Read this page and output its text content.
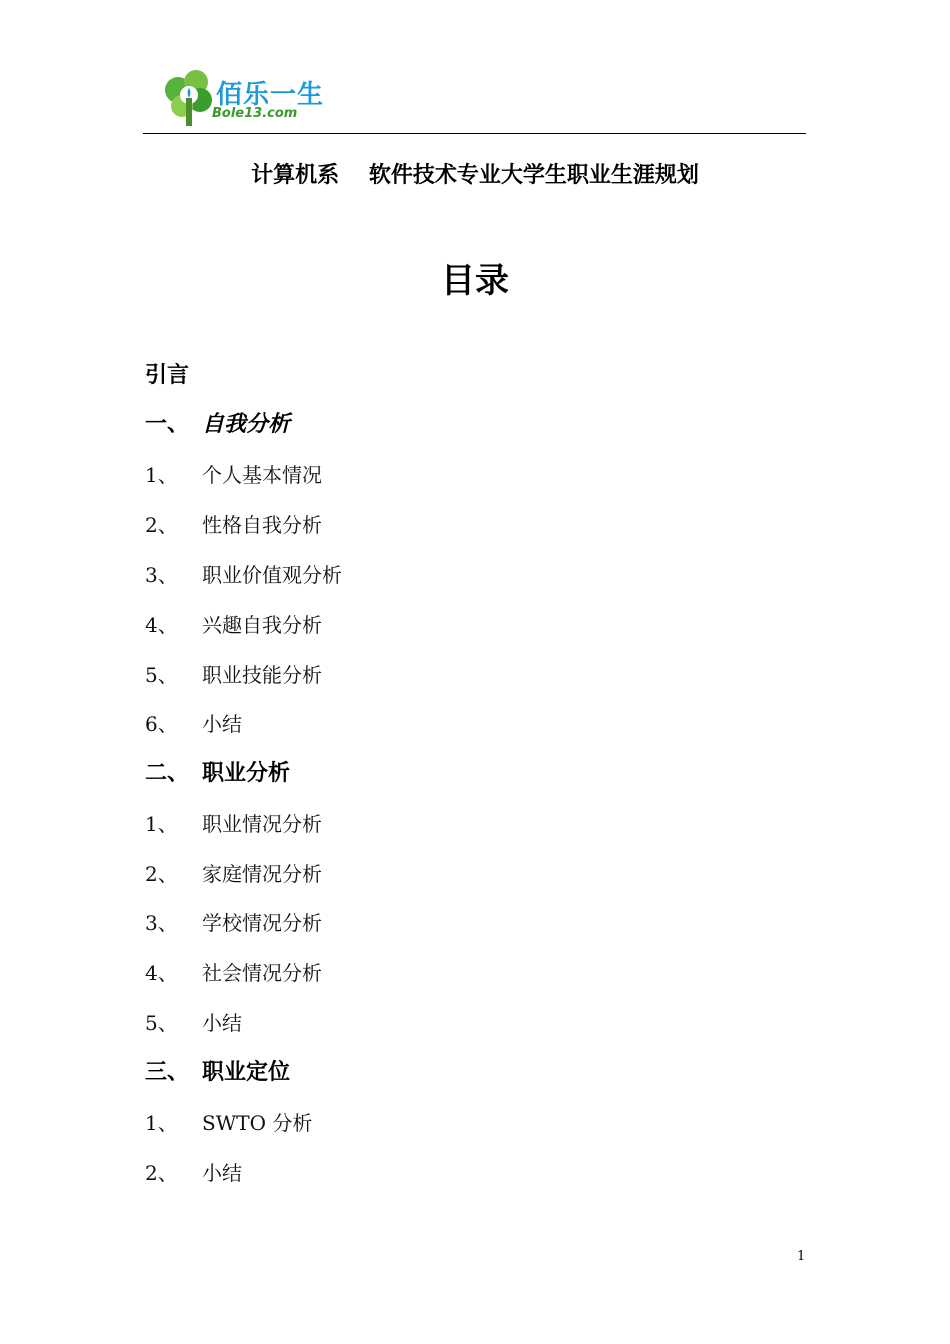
佰乐一生
Bole13.com
计算机系　 软件技术专业大学生职业生涯规划
目录
引言
一、 自我分析
1、 个人基本情况
2、 性格自我分析
3、 职业价值观分析
4、 兴趣自我分析
5、 职业技能分析
6、 小结
二、 职业分析
1、 职业情况分析
2、 家庭情况分析
3、 学校情况分析
4、 社会情况分析
5、 小结
三、 职业定位
1、 SWTO 分析
2、 小结
1
